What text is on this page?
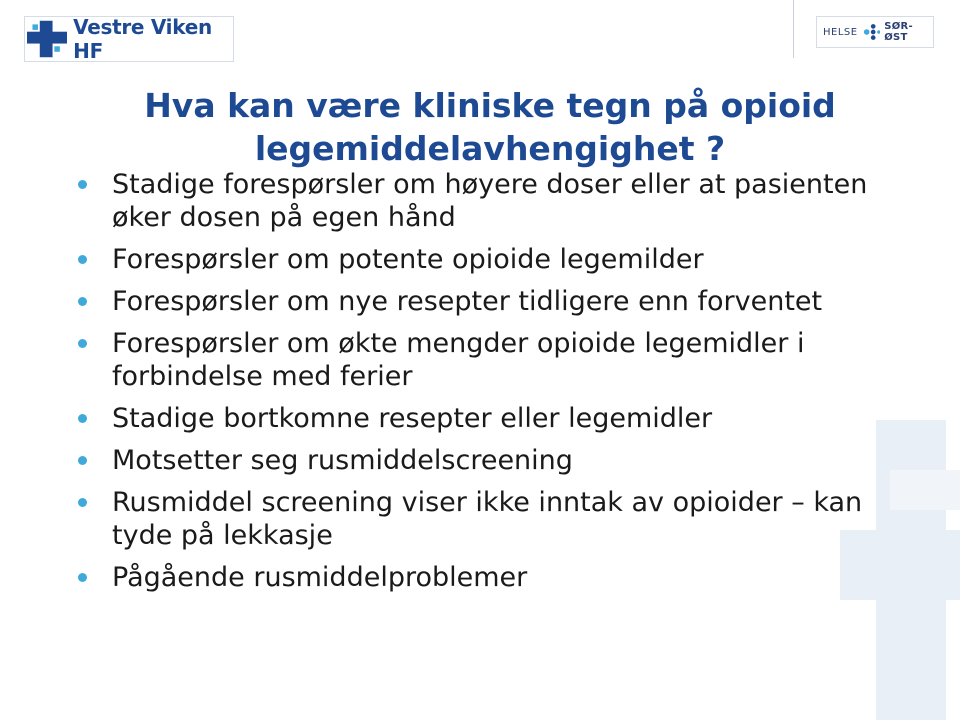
Vestre Viken HF
HELSE	SØR-ØST
Hva kan være kliniske tegn på opioid legemiddelavhengighet ?
Stadige forespørsler om høyere doser eller at pasienten øker dosen på egen hånd
Forespørsler om potente opioide legemilder
Forespørsler om nye resepter tidligere enn forventet
Forespørsler om økte mengder opioide legemidler i forbindelse med ferier
Stadige bortkomne resepter eller legemidler
Motsetter seg rusmiddelscreening
Rusmiddel screening viser ikke inntak av opioider – kan tyde på lekkasje
Pågående rusmiddelproblemer
